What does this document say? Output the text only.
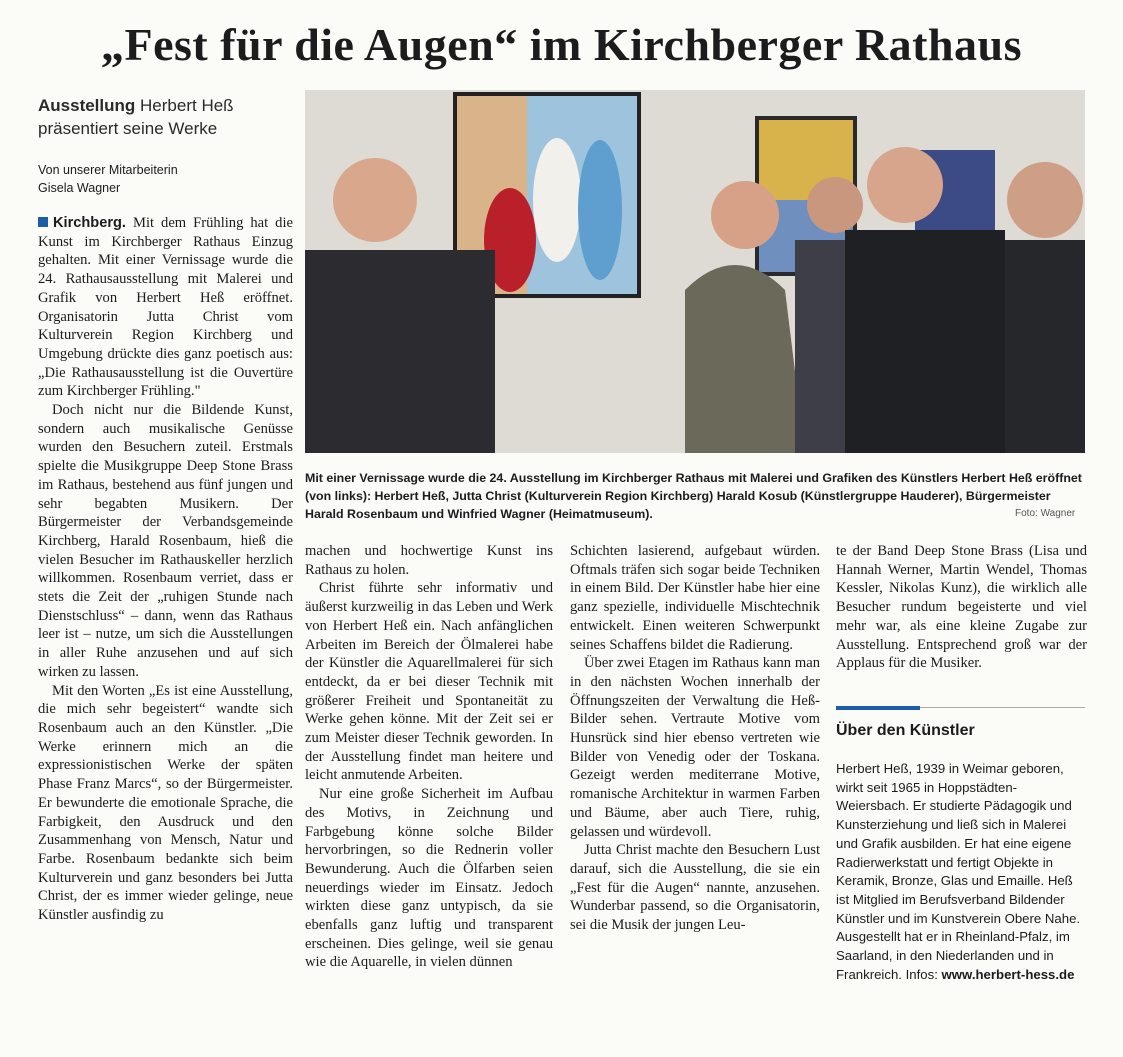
„Fest für die Augen“ im Kirchberger Rathaus
Ausstellung Herbert Heß präsentiert seine Werke
Von unserer Mitarbeiterin
Gisela Wagner

Kirchberg. Mit dem Frühling hat die Kunst im Kirchberger Rathaus Einzug gehalten. Mit einer Vernissage wurde die 24. Rathausausstellung mit Malerei und Grafik von Herbert Heß eröffnet. Organisatorin Jutta Christ vom Kulturverein Region Kirchberg und Umgebung drückte dies ganz poetisch aus: „Die Rathausausstellung ist die Ouvertüre zum Kirchberger Frühling."

Doch nicht nur die Bildende Kunst, sondern auch musikalische Genüsse wurden den Besuchern zuteil. Erstmals spielte die Musikgruppe Deep Stone Brass im Rathaus, bestehend aus fünf jungen und sehr begabten Musikern. Der Bürgermeister der Verbandsgemeinde Kirchberg, Harald Rosenbaum, hieß die vielen Besucher im Rathauskeller herzlich willkommen. Rosenbaum verriet, dass er stets die Zeit der „ruhigen Stunde nach Dienstschluss“ – dann, wenn das Rathaus leer ist – nutze, um sich die Ausstellungen in aller Ruhe anzusehen und auf sich wirken zu lassen.

Mit den Worten „Es ist eine Ausstellung, die mich sehr begeistert“ wandte sich Rosenbaum auch an den Künstler. „Die Werke erinnern mich an die expressionistischen Werke der späten Phase Franz Marcs“, so der Bürgermeister. Er bewunderte die emotionale Sprache, die Farbigkeit, den Ausdruck und den Zusammenhang von Mensch, Natur und Farbe. Rosenbaum bedankte sich beim Kulturverein und ganz besonders bei Jutta Christ, der es immer wieder gelinge, neue Künstler ausfindig zu

Mit einer Vernissage wurde die 24. Ausstellung im Kirchberger Rathaus mit Malerei und Grafiken des Künstlers Herbert Heß eröffnet (von links): Herbert Heß, Jutta Christ (Kulturverein Region Kirchberg) Harald Kosub (Künstlergruppe Hauderer), Bürgermeister Harald Rosenbaum und Winfried Wagner (Heimatmuseum).	Foto: Wagner

machen und hochwertige Kunst ins Rathaus zu holen.

Christ führte sehr informativ und äußerst kurzweilig in das Leben und Werk von Herbert Heß ein. Nach anfänglichen Arbeiten im Bereich der Ölmalerei habe der Künstler die Aquarellmalerei für sich entdeckt, da er bei dieser Technik mit größerer Freiheit und Spontaneität zu Werke gehen könne. Mit der Zeit sei er zum Meister dieser Technik geworden. In der Ausstellung findet man heitere und leicht anmutende Arbeiten.

Nur eine große Sicherheit im Aufbau des Motivs, in Zeichnung und Farbgebung könne solche Bilder hervorbringen, so die Rednerin voller Bewunderung. Auch die Ölfarben seien neuerdings wieder im Einsatz. Jedoch wirkten diese ganz untypisch, da sie ebenfalls ganz luftig und transparent erscheinen. Dies gelinge, weil sie genau wie die Aquarelle, in vielen dünnen

Schichten lasierend, aufgebaut würden. Oftmals träfen sich sogar beide Techniken in einem Bild. Der Künstler habe hier eine ganz spezielle, individuelle Mischtechnik entwickelt. Einen weiteren Schwerpunkt seines Schaffens bildet die Radierung.

Über zwei Etagen im Rathaus kann man in den nächsten Wochen innerhalb der Öffnungszeiten der Verwaltung die Heß-Bilder sehen. Vertraute Motive vom Hunsrück sind hier ebenso vertreten wie Bilder von Venedig oder der Toskana. Gezeigt werden mediterrane Motive, romanische Architektur in warmen Farben und Bäume, aber auch Tiere, ruhig, gelassen und würdevoll.

Jutta Christ machte den Besuchern Lust darauf, sich die Ausstellung, die sie ein „Fest für die Augen“ nannte, anzusehen. Wunderbar passend, so die Organisatorin, sei die Musik der jungen Leu-

te der Band Deep Stone Brass (Lisa und Hannah Werner, Martin Wendel, Thomas Kessler, Nikolas Kunz), die wirklich alle Besucher rundum begeisterte und viel mehr war, als eine kleine Zugabe zur Ausstellung. Entsprechend groß war der Applaus für die Musiker.

Über den Künstler
Herbert Heß, 1939 in Weimar geboren, wirkt seit 1965 in Hoppstädten-Weiersbach. Er studierte Pädagogik und Kunsterziehung und ließ sich in Malerei und Grafik ausbilden. Er hat eine eigene Radierwerkstatt und fertigt Objekte in Keramik, Bronze, Glas und Emaille. Heß ist Mitglied im Berufsverband Bildender Künstler und im Kunstverein Obere Nahe. Ausgestellt hat er in Rheinland-Pfalz, im Saarland, in den Niederlanden und in Frankreich. Infos: www.herbert-hess.de
